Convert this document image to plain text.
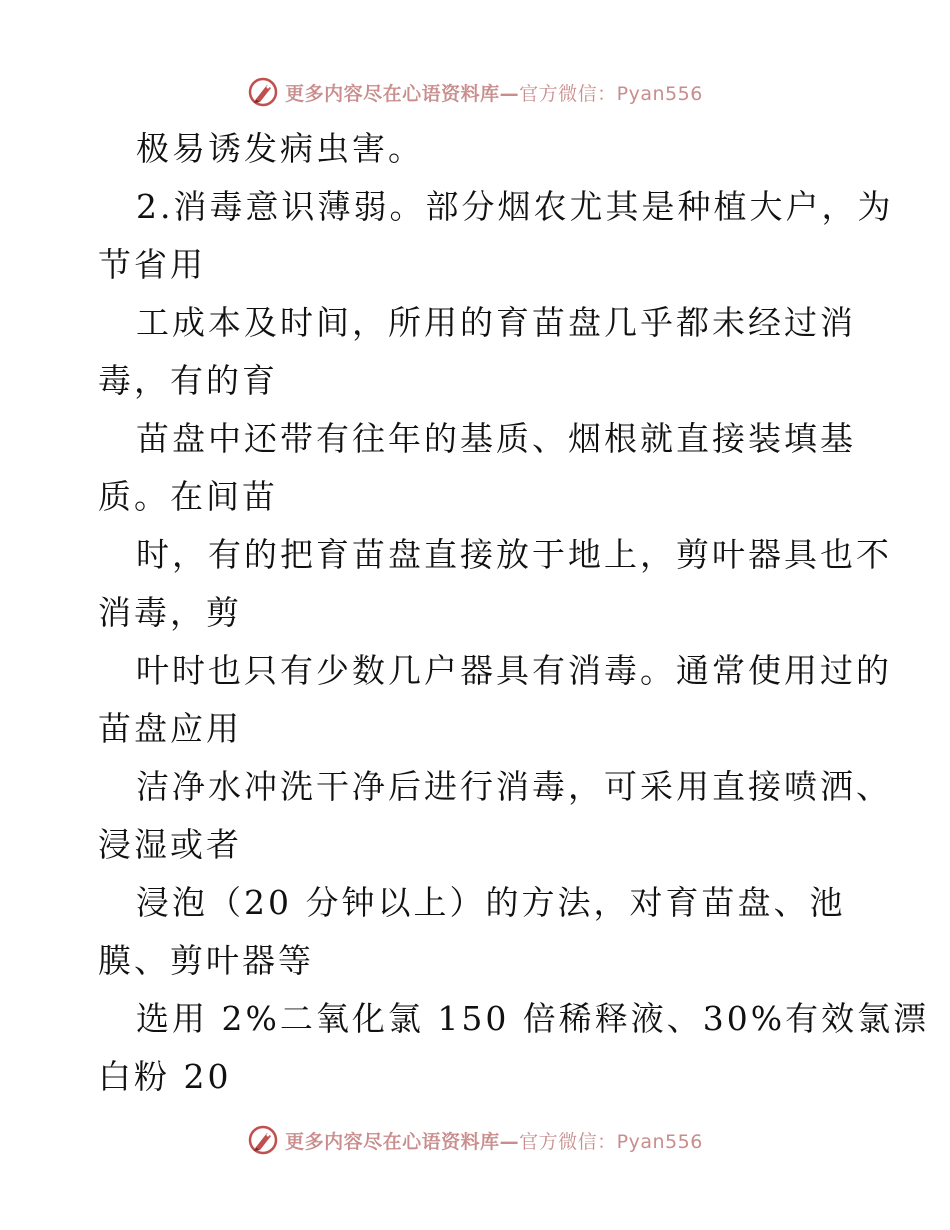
更多内容尽在心语资料库—官方微信：Pyan556
极易诱发病虫害。
2.消毒意识薄弱。部分烟农尤其是种植大户，为
节省用
工成本及时间，所用的育苗盘几乎都未经过消
毒，有的育
苗盘中还带有往年的基质、烟根就直接装填基
质。在间苗
时，有的把育苗盘直接放于地上，剪叶器具也不
消毒，剪
叶时也只有少数几户器具有消毒。通常使用过的
苗盘应用
洁净水冲洗干净后进行消毒，可采用直接喷洒、
浸湿或者
浸泡（20 分钟以上）的方法，对育苗盘、池
膜、剪叶器等
选用 2%二氧化氯 150 倍稀释液、30%有效氯漂
白粉 20
更多内容尽在心语资料库—官方微信：Pyan556
